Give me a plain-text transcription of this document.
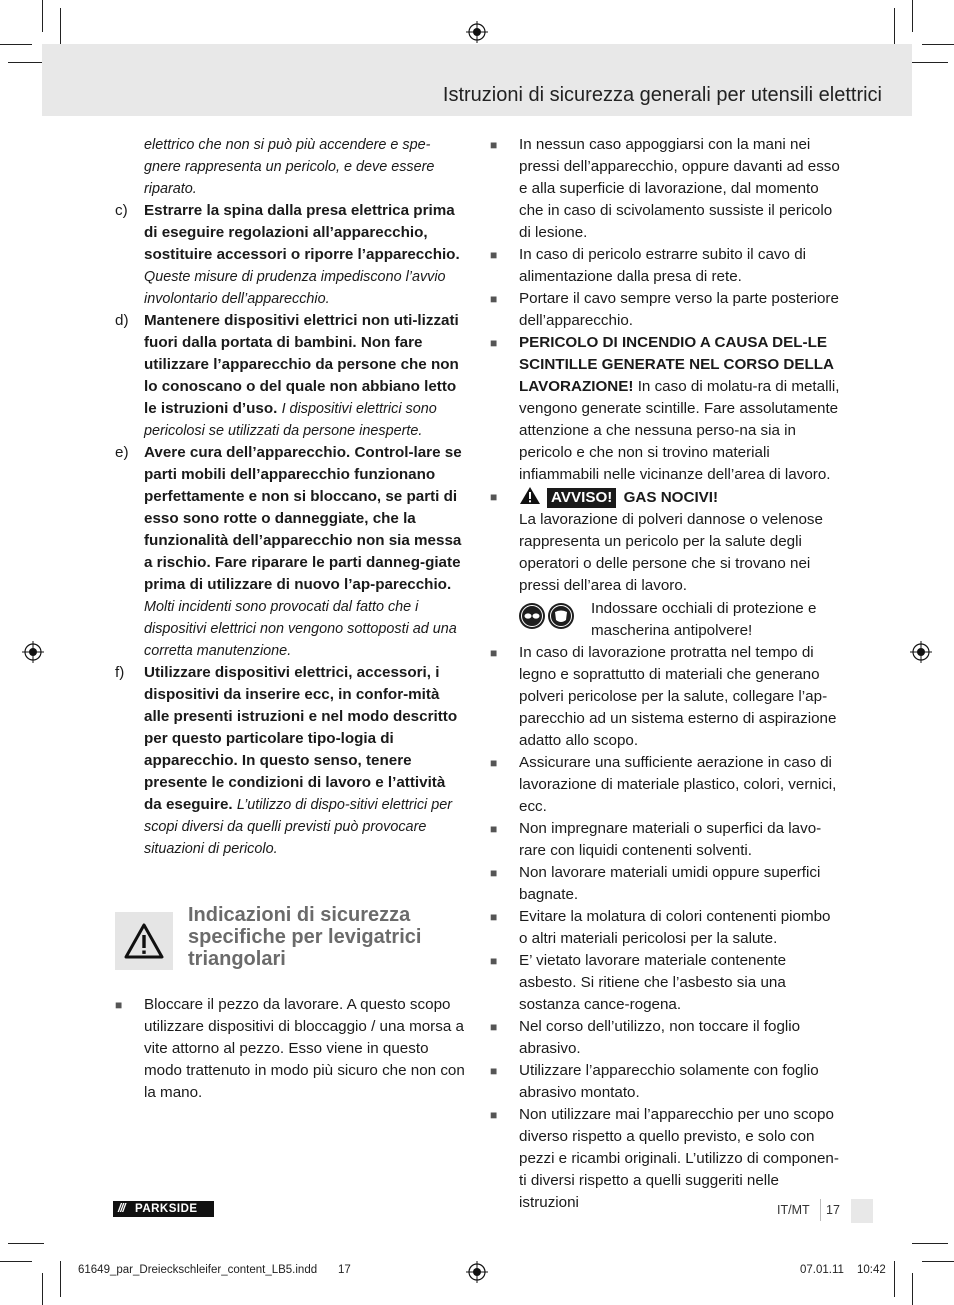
Istruzioni di sicurezza generali per utensili elettrici
elettrico che non si può più accendere e spe-gnere rappresenta un pericolo, e deve essere riparato.
c) Estrarre la spina dalla presa elettrica prima di eseguire regolazioni all’apparecchio, sostituire accessori o riporre l’apparecchio. Queste misure di prudenza impediscono l’avvio involontario dell’apparecchio.
d) Mantenere dispositivi elettrici non uti-lizzati fuori dalla portata di bambini. Non fare utilizzare l’apparecchio da persone che non lo conoscano o del quale non abbiano letto le istruzioni d’uso. I dispositivi elettrici sono pericolosi se utilizzati da persone inesperte.
e) Avere cura dell’apparecchio. Control-lare se parti mobili dell’apparecchio funzionano perfettamente e non si bloccano, se parti di esso sono rotte o danneggiate, che la funzionalità dell’apparecchio non sia messa a rischio. Fare riparare le parti danneg-giate prima di utilizzare di nuovo l’ap-parecchio. Molti incidenti sono provocati dal fatto che i dispositivi elettrici non vengono sottoposti ad una corretta manutenzione.
f) Utilizzare dispositivi elettrici, accessori, i dispositivi da inserire ecc, in confor-mità alle presenti istruzioni e nel modo descritto per questo particolare tipo-logia di apparecchio. In questo senso, tenere presente le condizioni di lavoro e l’attività da eseguire. L’utilizzo di dispo-sitivi elettrici per scopi diversi da quelli previsti può provocare situazioni di pericolo.
Indicazioni di sicurezza specifiche per levigatrici triangolari
■ Bloccare il pezzo da lavorare. A questo scopo utilizzare dispositivi di bloccaggio / una morsa a vite attorno al pezzo. Esso viene in questo modo trattenuto in modo più sicuro che non con la mano.
■ In nessun caso appoggiarsi con la mani nei pressi dell’apparecchio, oppure davanti ad esso e alla superficie di lavorazione, dal momento che in caso di scivolamento sussiste il pericolo di lesione.
■ In caso di pericolo estrarre subito il cavo di alimentazione dalla presa di rete.
■ Portare il cavo sempre verso la parte posteriore dell’apparecchio.
■ PERICOLO DI INCENDIO A CAUSA DEL-LE SCINTILLE GENERATE NEL CORSO DELLA LAVORAZIONE! In caso di molatu-ra di metalli, vengono generate scintille. Fare assolutamente attenzione a che nessuna perso-na sia in pericolo e che non si trovino materiali infiammabili nelle vicinanze dell’area di lavoro.
■	AVVISO! GAS NOCIVI!
La lavorazione di polveri dannose o velenose rappresenta un pericolo per la salute degli operatori o delle persone che si trovano nei pressi dell’area di lavoro.
Indossare occhiali di protezione e mascherina antipolvere!
■ In caso di lavorazione protratta nel tempo di legno e soprattutto di materiali che generano polveri pericolose per la salute, collegare l’ap-parecchio ad un sistema esterno di aspirazione adatto allo scopo.
■ Assicurare una sufficiente aerazione in caso di lavorazione di materiale plastico, colori, vernici, ecc.
■ Non impregnare materiali o superfici da lavo-rare con liquidi contenenti solventi.
■ Non lavorare materiali umidi oppure superfici bagnate.
■ Evitare la molatura di colori contenenti piombo o altri materiali pericolosi per la salute.
■ E’ vietato lavorare materiale contenente asbesto. Si ritiene che l’asbesto sia una sostanza cance-rogena.
■ Nel corso dell’utilizzo, non toccare il foglio abrasivo.
■ Utilizzare l’apparecchio solamente con foglio abrasivo montato.
■ Non utilizzare mai l’apparecchio per uno scopo diverso rispetto a quello previsto, e solo con pezzi e ricambi originali. L’utilizzo di componen-ti diversi rispetto a quelli suggeriti nelle istruzioni
/// PARKSIDE	IT/MT 17
61649_par_Dreieckschleifer_content_LB5.indd 17	07.01.11 10:42
